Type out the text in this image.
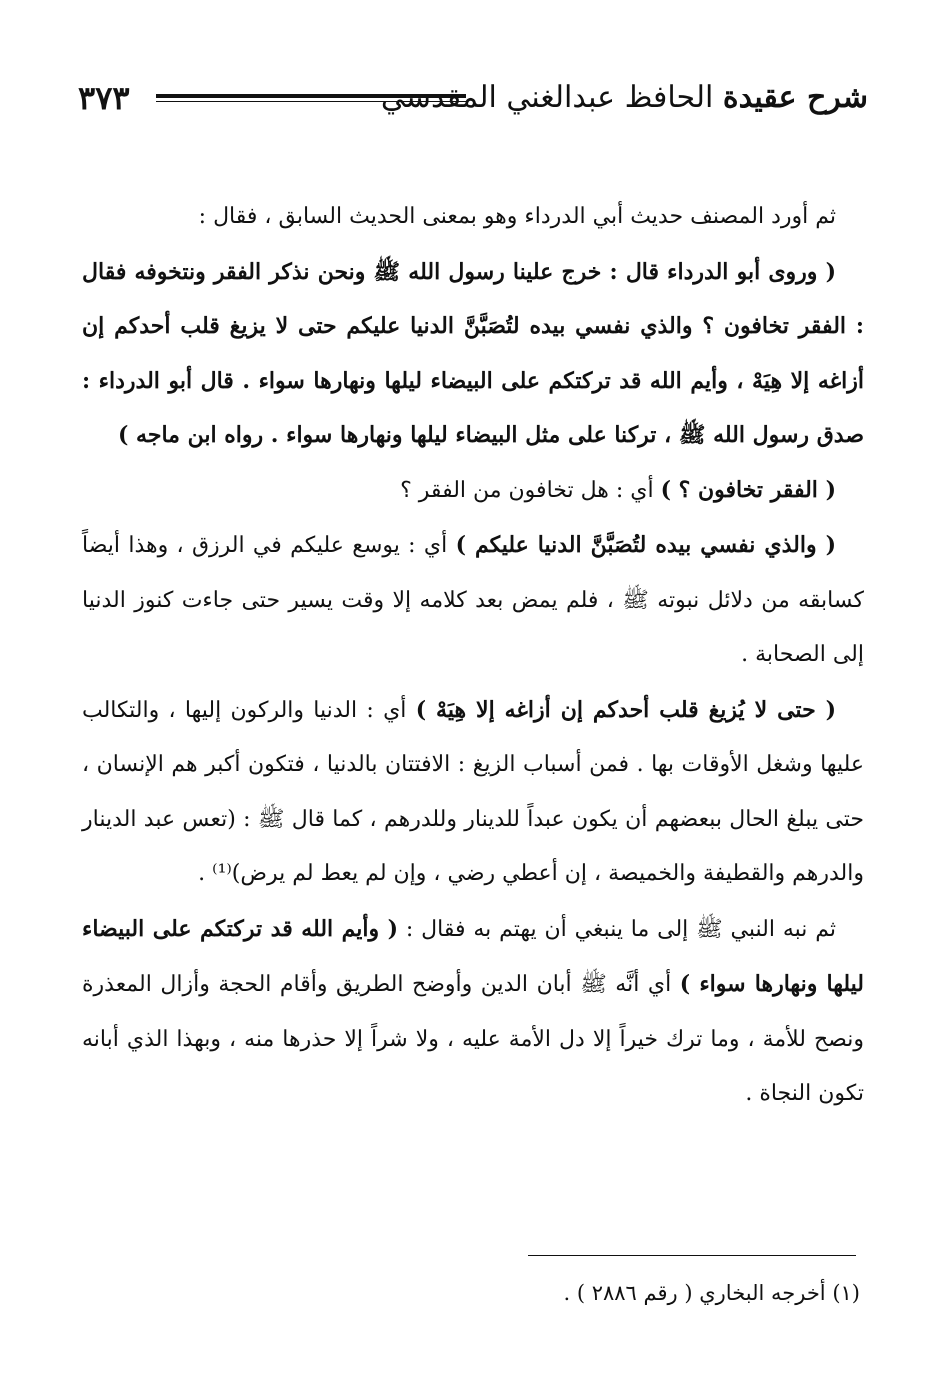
شرح عقيدة الحافظ عبدالغني المقدسي
٣٧٣

ثم أورد المصنف حديث أبي الدرداء وهو بمعنى الحديث السابق ، فقال :

( وروى أبو الدرداء قال : خرج علينا رسول الله ﷺ ونحن نذكر الفقر ونتخوفه فقال : الفقر تخافون ؟ والذي نفسي بيده لتُصَبَّنَّ الدنيا عليكم حتى لا يزيغ قلب أحدكم إن أزاغه إلا هِيَهْ ، وأيم الله قد تركتكم على البيضاء ليلها ونهارها سواء . قال أبو الدرداء : صدق رسول الله ﷺ ، تركنا على مثل البيضاء ليلها ونهارها سواء . رواه ابن ماجه )

( الفقر تخافون ؟ ) أي : هل تخافون من الفقر ؟

( والذي نفسي بيده لتُصَبَّنَّ الدنيا عليكم ) أي : يوسع عليكم في الرزق ، وهذا أيضاً كسابقه من دلائل نبوته ﷺ ، فلم يمض بعد كلامه إلا وقت يسير حتى جاءت كنوز الدنيا إلى الصحابة .

( حتى لا يُزيغ قلب أحدكم إن أزاغه إلا هِيَهْ ) أي : الدنيا والركون إليها ، والتكالب عليها وشغل الأوقات بها . فمن أسباب الزيغ : الافتتان بالدنيا ، فتكون أكبر هم الإنسان ، حتى يبلغ الحال ببعضهم أن يكون عبداً للدينار وللدرهم ، كما قال ﷺ : (تعس عبد الدينار والدرهم والقطيفة والخميصة ، إن أعطي رضي ، وإن لم يعط لم يرض)⁽¹⁾ .

ثم نبه النبي ﷺ إلى ما ينبغي أن يهتم به فقال : ( وأيم الله قد تركتكم على البيضاء ليلها ونهارها سواء ) أي أنَّه ﷺ أبان الدين وأوضح الطريق وأقام الحجة وأزال المعذرة ونصح للأمة ، وما ترك خيراً إلا دل الأمة عليه ، ولا شراً إلا حذرها منه ، وبهذا الذي أبانه تكون النجاة .

(١) أخرجه البخاري ( رقم ٢٨٨٦ ) .
